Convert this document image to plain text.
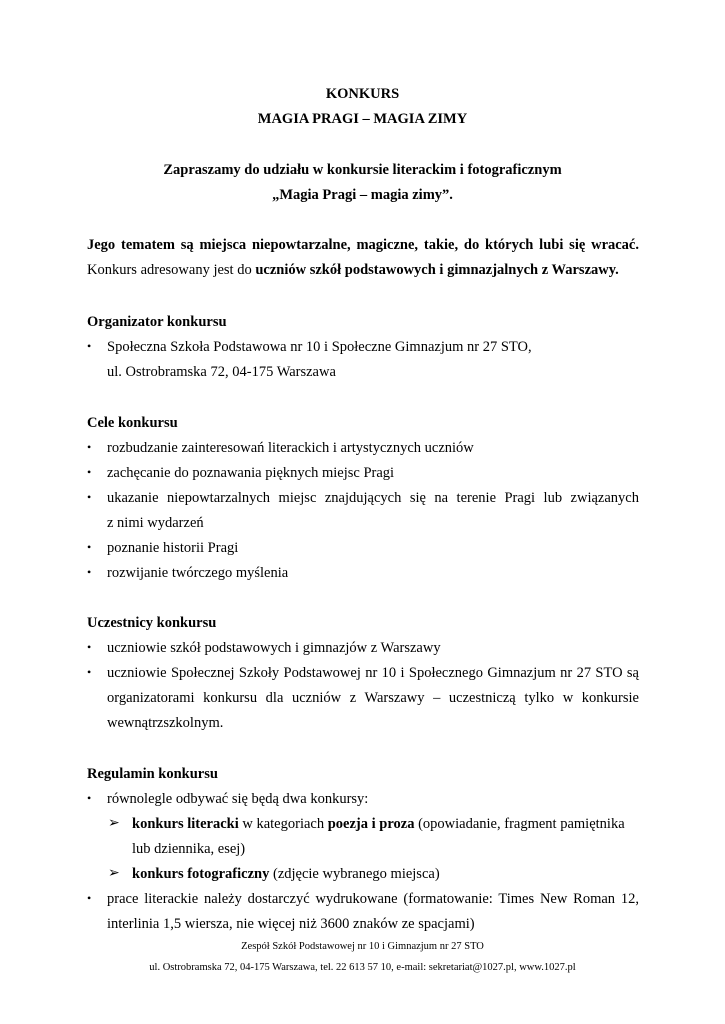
KONKURS
MAGIA PRAGI – MAGIA ZIMY
Zapraszamy do udziału w konkursie literackim i fotograficznym
„Magia Pragi – magia zimy”.
Jego tematem są miejsca niepowtarzalne, magiczne, takie, do których lubi się wracać.
Konkurs adresowany jest do uczniów szkół podstawowych i gimnazjalnych z Warszawy.
Organizator konkursu
• Społeczna Szkoła Podstawowa nr 10 i Społeczne Gimnazjum nr 27 STO,
ul. Ostrobramska 72, 04-175 Warszawa
Cele konkursu
• rozbudzanie zainteresowań literackich i artystycznych uczniów
• zachęcanie do poznawania pięknych miejsc Pragi
• ukazanie niepowtarzalnych miejsc znajdujących się na terenie Pragi lub związanych
z nimi wydarzeń
• poznanie historii Pragi
• rozwijanie twórczego myślenia
Uczestnicy konkursu
• uczniowie szkół podstawowych i gimnazjów z Warszawy
• uczniowie Społecznej Szkoły Podstawowej nr 10 i Społecznego Gimnazjum nr 27 STO są
organizatorami konkursu dla uczniów z Warszawy – uczestniczą tylko w konkursie
wewnątrzszkolnym.
Regulamin konkursu
• równolegle odbywać się będą dwa konkursy:
➢ konkurs literacki w kategoriach poezja i proza (opowiadanie, fragment pamiętnika
lub dziennika, esej)
➢ konkurs fotograficzny (zdjęcie wybranego miejsca)
• prace literackie należy dostarczyć wydrukowane (formatowanie: Times New Roman 12,
interlinia 1,5 wiersza, nie więcej niż 3600 znaków ze spacjami)
Zespół Szkół Podstawowej nr 10 i Gimnazjum nr 27 STO
ul. Ostrobramska 72, 04-175 Warszawa, tel. 22 613 57 10, e-mail: sekretariat@1027.pl, www.1027.pl
